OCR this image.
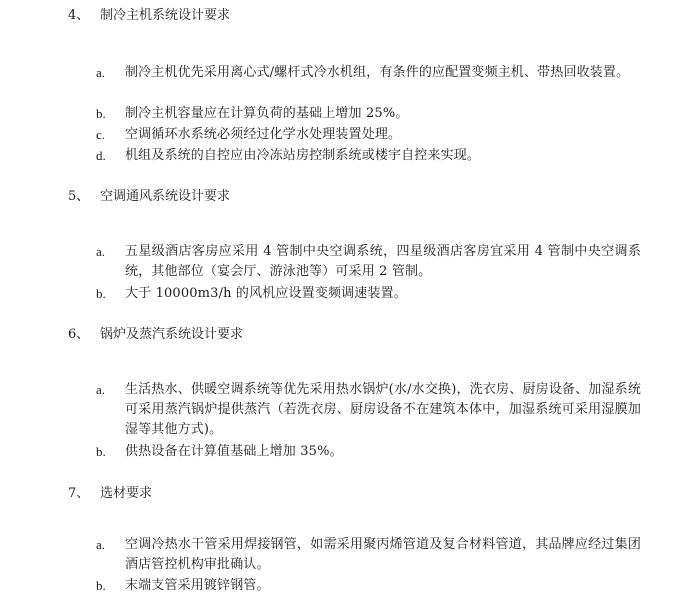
4、 制冷主机系统设计要求
a.	制冷主机优先采用离心式/螺杆式冷水机组，有条件的应配置变频主机、带热回收装置。
b.	制冷主机容量应在计算负荷的基础上增加 25%。
c.	空调循环水系统必须经过化学水处理装置处理。
d.	机组及系统的自控应由冷冻站房控制系统或楼宇自控来实现。
5、 空调通风系统设计要求
a.	五星级酒店客房应采用 4 管制中央空调系统，四星级酒店客房宜采用 4 管制中央空调系统，其他部位（宴会厅、游泳池等）可采用 2 管制。
b.	大于 10000m3/h 的风机应设置变频调速装置。
6、 锅炉及蒸汽系统设计要求
a.	生活热水、供暖空调系统等优先采用热水锅炉(水/水交换)，洗衣房、厨房设备、加湿系统可采用蒸汽锅炉提供蒸汽（若洗衣房、厨房设备不在建筑本体中，加湿系统可采用湿膜加湿等其他方式)。
b.	供热设备在计算值基础上增加 35%。
7、 选材要求
a.	空调冷热水干管采用焊接钢管，如需采用聚丙烯管道及复合材料管道，其品牌应经过集团酒店管控机构审批确认。
b.	末端支管采用镀锌钢管。
